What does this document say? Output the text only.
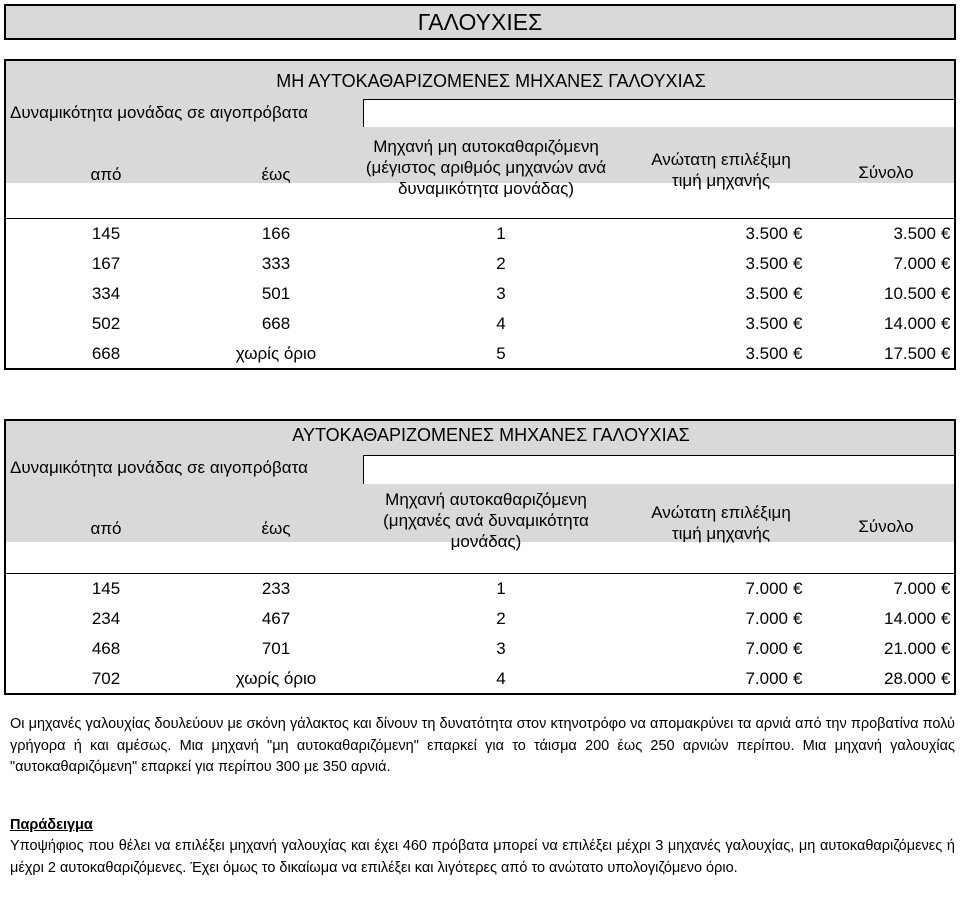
ΓΑΛΟΥΧΙΕΣ
ΜΗ ΑΥΤΟΚΑΘΑΡΙΖΟΜΕΝΕΣ ΜΗΧΑΝΕΣ ΓΑΛΟΥΧΙΑΣ
Δυναμικότητα μονάδας σε αιγοπρόβατα
από	έως
Μηχανή μη αυτοκαθαριζόμενη
(μέγιστος αριθμός μηχανών ανά
δυναμικότητα μονάδας)
Ανώτατη επιλέξιμη
τιμή μηχανής	Σύνολο
145	166	1	3.500 €	3.500 €
167	333	2	3.500 €	7.000 €
334	501	3	3.500 €	10.500 €
502	668	4	3.500 €	14.000 €
668	χωρίς όριο	5	3.500 €	17.500 €
ΑΥΤΟΚΑΘΑΡΙΖΟΜΕΝΕΣ ΜΗΧΑΝΕΣ ΓΑΛΟΥΧΙΑΣ
Δυναμικότητα μονάδας σε αιγοπρόβατα
από	έως
Μηχανή αυτοκαθαριζόμενη
(μηχανές ανά δυναμικότητα
μονάδας)
Ανώτατη επιλέξιμη
τιμή μηχανής	Σύνολο
145	233	1	7.000 €	7.000 €
234	467	2	7.000 €	14.000 €
468	701	3	7.000 €	21.000 €
702	χωρίς όριο	4	7.000 €	28.000 €
Οι μηχανές γαλουχίας δουλεύουν με σκόνη γάλακτος και δίνουν τη δυνατότητα στον κτηνοτρόφο να απομακρύνει τα αρνιά από την προβατίνα πολύ γρήγορα ή και αμέσως. Μια μηχανή "μη αυτοκαθαριζόμενη" επαρκεί για το τάισμα 200 έως 250 αρνιών περίπου. Μια μηχανή γαλουχίας "αυτοκαθαριζόμενη" επαρκεί για περίπου 300 με 350 αρνιά.
Παράδειγμα
Υποψήφιος που θέλει να επιλέξει μηχανή γαλουχίας και έχει 460 πρόβατα μπορεί να επιλέξει μέχρι 3 μηχανές γαλουχίας, μη αυτοκαθαριζόμενες ή μέχρι 2 αυτοκαθαριζόμενες. Έχει όμως το δικαίωμα να επιλέξει και λιγότερες από το ανώτατο υπολογιζόμενο όριο.
